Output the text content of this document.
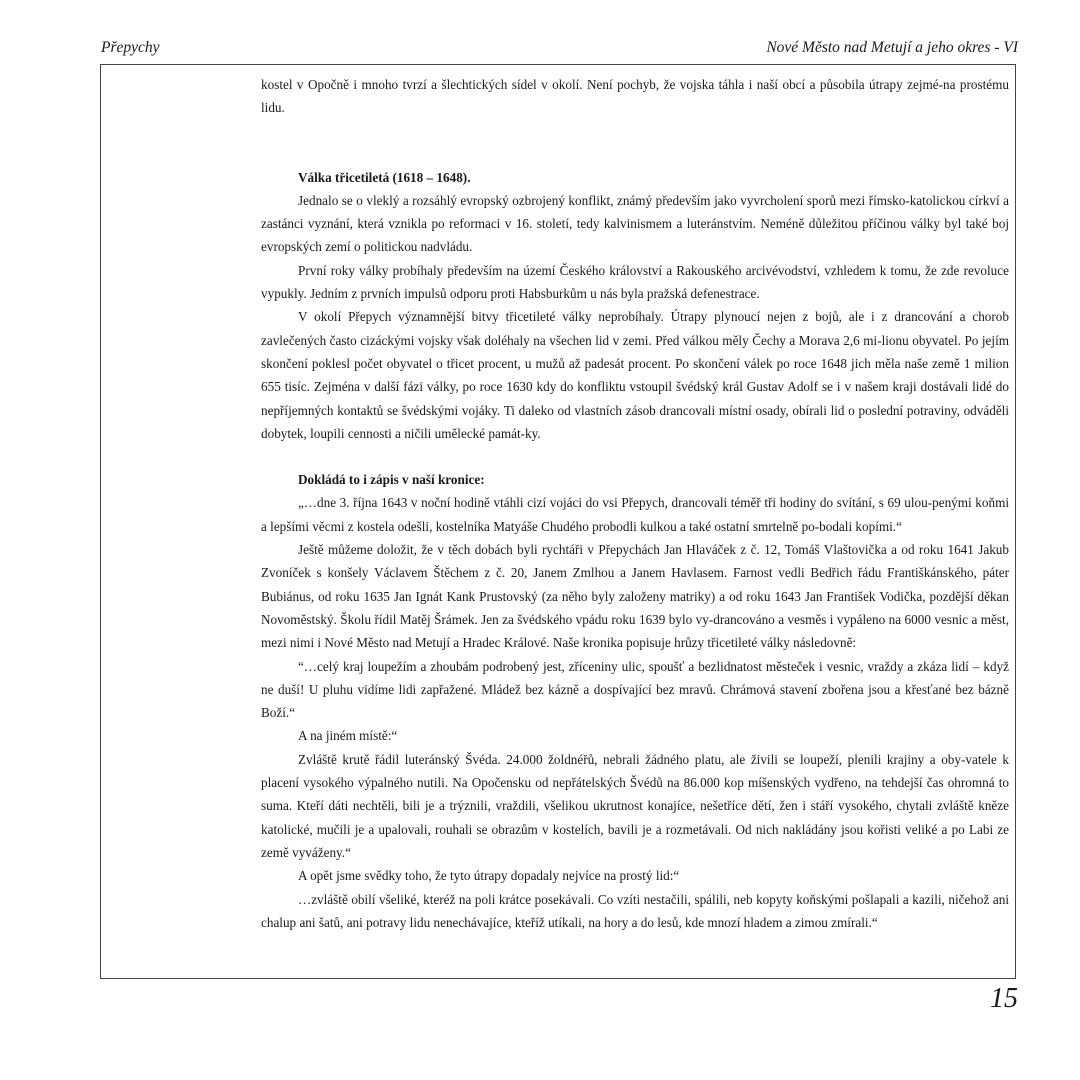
Přepychy	Nové Město nad Metují a jeho okres - VI

kostel v Opočně i mnoho tvrzí a šlechtických sídel v okolí. Není pochyb, že vojska táhla i naší obcí a působila útrapy zejmé-na prostému lidu.

Válka třicetiletá (1618 – 1648).

Jednalo se o vleklý a rozsáhlý evropský ozbrojený konflikt, známý především jako vyvrcholení sporů mezi římsko-katolickou církví a zastánci vyznání, která vznikla po reformaci v 16. století, tedy kalvinismem a luteránstvím. Neméně důležitou příčinou války byl také boj evropských zemí o politickou nadvládu.

První roky války probíhaly především na území Českého království a Rakouského arcivévodství, vzhledem k tomu, že zde revoluce vypukly. Jedním z prvních impulsů odporu proti Habsburkům u nás byla pražská defenestrace.

V okolí Přepych významnější bitvy třicetileté války neprobíhaly. Útrapy plynoucí nejen z bojů, ale i z drancování a chorob zavlečených často cizáckými vojsky však doléhaly na všechen lid v zemi. Před válkou měly Čechy a Morava 2,6 mi-lionu obyvatel. Po jejím skončení poklesl počet obyvatel o třicet procent, u mužů až padesát procent. Po skončení válek po roce 1648 jich měla naše země 1 milion 655 tisíc. Zejména v další fázi války, po roce 1630 kdy do konfliktu vstoupil švédský král Gustav Adolf se i v našem kraji dostávali lidé do nepříjemných kontaktů se švédskými vojáky. Ti daleko od vlastních zásob drancovali místní osady, obírali lid o poslední potraviny, odváděli dobytek, loupili cennosti a ničili umělecké památ-ky.

Dokládá to i zápis v naší kronice:

„…dne 3. října 1643 v noční hodině vtáhli cizí vojáci do vsi Přepych, drancovali téměř tři hodiny do svítání, s 69 ulou-penými koňmi a lepšími věcmi z kostela odešli, kostelníka Matyáše Chudého probodli kulkou a také ostatní smrtelně po-bodali kopími.“

Ještě můžeme doložit, že v těch dobách byli rychtáři v Přepychách Jan Hlaváček z č. 12, Tomáš Vlaštovička a od roku 1641 Jakub Zvoníček s konšely Václavem Štěchem z č. 20, Janem Zmlhou a Janem Havlasem. Farnost vedli Bedřich řádu Františkánského, páter Bubiánus, od roku 1635 Jan Ignát Kank Prustovský (za něho byly založeny matriky) a od roku 1643 Jan František Vodička, pozdější děkan Novoměstský. Školu řídil Matěj Šrámek. Jen za švédského vpádu roku 1639 bylo vy-drancováno a vesměs i vypáleno na 6000 vesnic a měst, mezi nimi i Nové Město nad Metují a Hradec Králové. Naše kronika popisuje hrůzy třicetileté války následovně:

“…celý kraj loupežím a zhoubám podrobený jest, zříceniny ulic, spoušť a bezlidnatost městeček i vesnic, vraždy a zkáza lidí – když ne duší! U pluhu vidíme lidi zapřažené. Mládež bez kázně a dospívající bez mravů. Chrámová stavení zbořena jsou a křesťané bez bázně Boží.“

A na jiném místě:“

Zvláště krutě řádil luteránský Švéda. 24.000 žoldnéřů, nebrali žádného platu, ale živili se loupeží, plenili krajiny a oby-vatele k placení vysokého výpalného nutili. Na Opočensku od nepřátelských Švédů na 86.000 kop míšenských vydřeno, na tehdejší čas ohromná to suma. Kteří dáti nechtěli, bili je a trýznili, vraždili, všelikou ukrutnost konajíce, nešetříce dětí, žen i stáří vysokého, chytali zvláště kněze katolické, mučili je a upalovali, rouhali se obrazům v kostelích, bavili je a rozmetávali. Od nich nakládány jsou kořisti veliké a po Labi ze země vyváženy.“

A opět jsme svědky toho, že tyto útrapy dopadaly nejvíce na prostý lid:“

…zvláště obilí všeliké, kteréž na poli krátce posekávali. Co vzíti nestačili, spálili, neb kopyty koňskými pošlapali a kazili, ničehož ani chalup ani šatů, ani potravy lidu nenechávajíce, kteříž utíkali, na hory a do lesů, kde mnozí hladem a zimou zmírali.“

15
